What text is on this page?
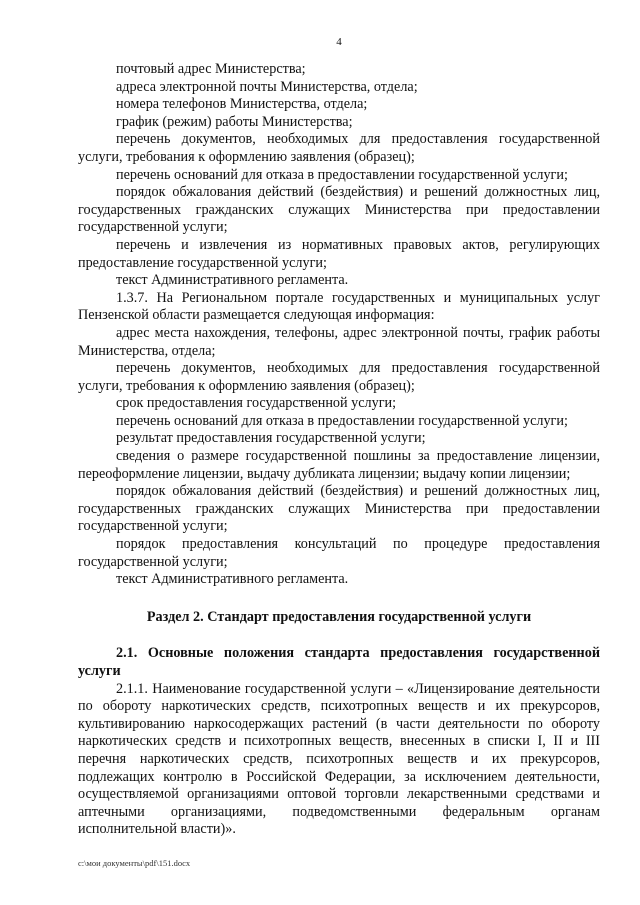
4

почтовый адрес Министерства;

адреса электронной почты Министерства, отдела;

номера телефонов Министерства, отдела;

график (режим) работы Министерства;

перечень документов, необходимых для предоставления государственной услуги, требования к оформлению заявления (образец);

перечень оснований для отказа в предоставлении государственной услуги;

порядок обжалования действий (бездействия) и решений должностных лиц, государственных гражданских служащих Министерства при предоставлении государственной услуги;

перечень и извлечения из нормативных правовых актов, регулирующих предоставление государственной услуги;

текст Административного регламента.

1.3.7. На Региональном портале государственных и муниципальных услуг Пензенской области размещается следующая информация:

адрес места нахождения, телефоны, адрес электронной почты, график работы Министерства, отдела;

перечень документов, необходимых для предоставления государственной услуги, требования к оформлению заявления (образец);

срок предоставления государственной услуги;

перечень оснований для отказа в предоставлении государственной услуги;

результат предоставления государственной услуги;

сведения о размере государственной пошлины за предоставление лицензии, переоформление лицензии, выдачу дубликата лицензии; выдачу копии лицензии;

порядок обжалования действий (бездействия) и решений должностных лиц, государственных гражданских служащих Министерства при предоставлении государственной услуги;

порядок предоставления консультаций по процедуре предоставления государственной услуги;

текст Административного регламента.

Раздел 2. Стандарт предоставления государственной услуги

2.1. Основные положения стандарта предоставления государственной услуги

2.1.1. Наименование государственной услуги – «Лицензирование деятельности по обороту наркотических средств, психотропных веществ и их прекурсоров, культивированию наркосодержащих растений (в части деятельности по обороту наркотических средств и психотропных веществ, внесенных в списки I, II и III перечня наркотических средств, психотропных веществ и их прекурсоров, подлежащих контролю в Российской Федерации, за исключением деятельности, осуществляемой организациями оптовой торговли лекарственными средствами и аптечными организациями, подведомственными федеральным органам исполнительной власти)».

c:\мои документы\pdf\151.docx
